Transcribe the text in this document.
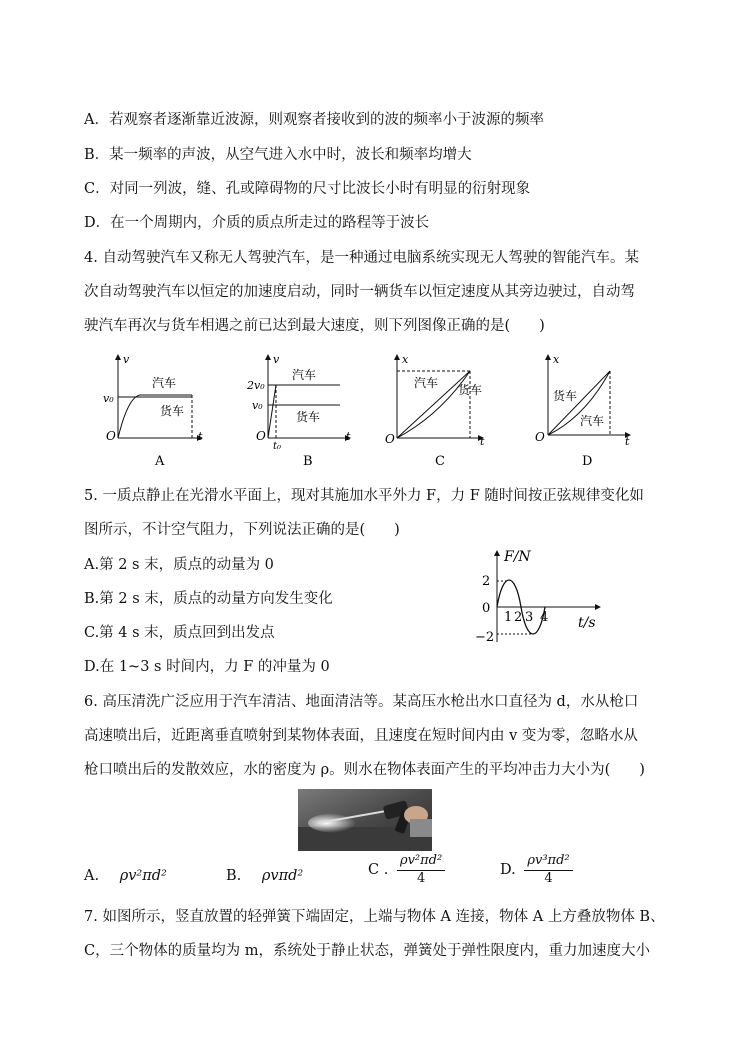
A．若观察者逐渐靠近波源，则观察者接收到的波的频率小于波源的频率
B．某一频率的声波，从空气进入水中时，波长和频率均增大
C．对同一列波，缝、孔或障碍物的尺寸比波长小时有明显的衍射现象
D．在一个周期内，介质的质点所走过的路程等于波长
4. 自动驾驶汽车又称无人驾驶汽车，是一种通过电脑系统实现无人驾驶的智能汽车。某
次自动驾驶汽车以恒定的加速度启动，同时一辆货车以恒定速度从其旁边驶过，自动驾
驶汽车再次与货车相遇之前已达到最大速度，则下列图像正确的是(　　)
v
t
O
v₀
汽车
货车
A
v
t
O
2v₀
v₀
t₀
汽车
货车
B
x
t
O
汽车 货车
C
x
t
O
货车
汽车
D
5. 一质点静止在光滑水平面上，现对其施加水平外力 F，力 F 随时间按正弦规律变化如
图所示，不计空气阻力，下列说法正确的是(　　)
A.第 2 s 末，质点的动量为 0
B.第 2 s 末，质点的动量方向发生变化
C.第 4 s 末，质点回到出发点
D.在 1~3 s 时间内，力 F 的冲量为 0
F/N
t/s
2
0
−2
1 2 3 4
6. 高压清洗广泛应用于汽车清洁、地面清洁等。某高压水枪出水口直径为 d，水从枪口
高速喷出后，近距离垂直喷射到某物体表面，且速度在短时间内由 v 变为零，忽略水从
枪口喷出后的发散效应，水的密度为 ρ。则水在物体表面产生的平均冲击力大小为(　　)
A. ρv²πd²	B. ρvπd²	C . $\frac{\text{ρv²πd²}}{4}$	D. $\frac{\text{ρv³πd²}}{4}$
7. 如图所示，竖直放置的轻弹簧下端固定，上端与物体 A 连接，物体 A 上方叠放物体 B、
C，三个物体的质量均为 m，系统处于静止状态，弹簧处于弹性限度内，重力加速度大小
